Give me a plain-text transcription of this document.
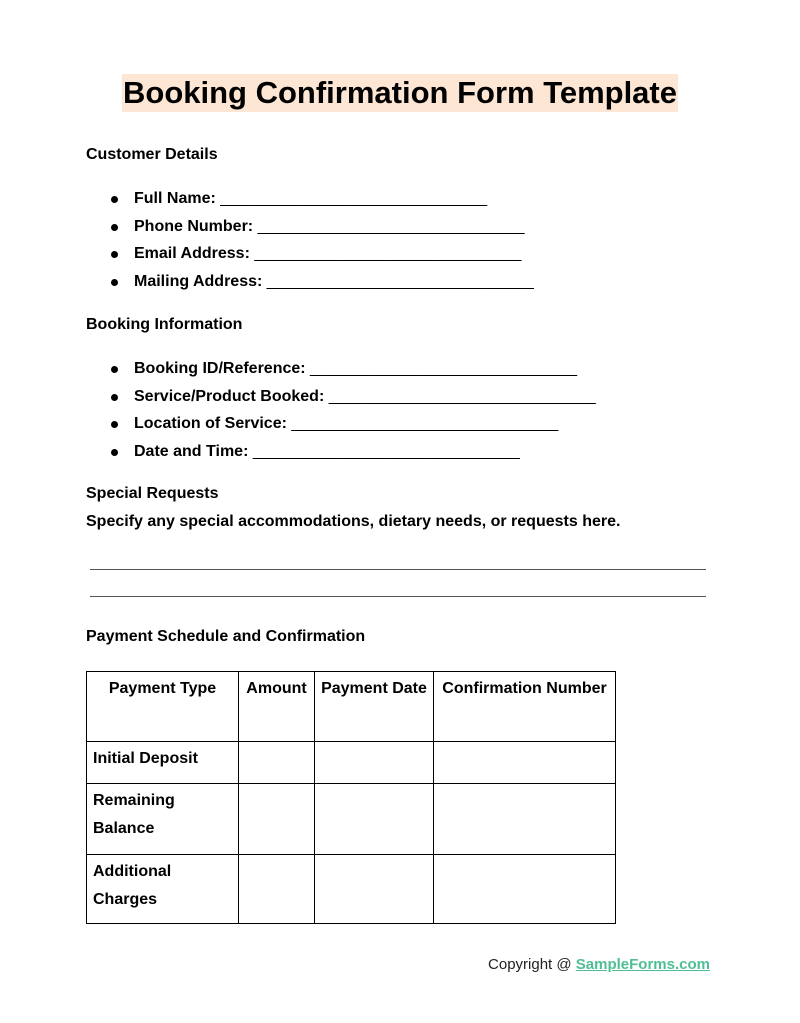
Booking Confirmation Form Template
Customer Details
Full Name: ______________________________
Phone Number: ______________________________
Email Address: ______________________________
Mailing Address: ______________________________
Booking Information
Booking ID/Reference: ______________________________
Service/Product Booked: ______________________________
Location of Service: ______________________________
Date and Time: ______________________________
Special Requests
Specify any special accommodations, dietary needs, or requests here.
Payment Schedule and Confirmation
Payment Type	Amount	Payment Date	Confirmation Number
Initial Deposit			
Remaining Balance			
Additional Charges			
Copyright @ SampleForms.com
